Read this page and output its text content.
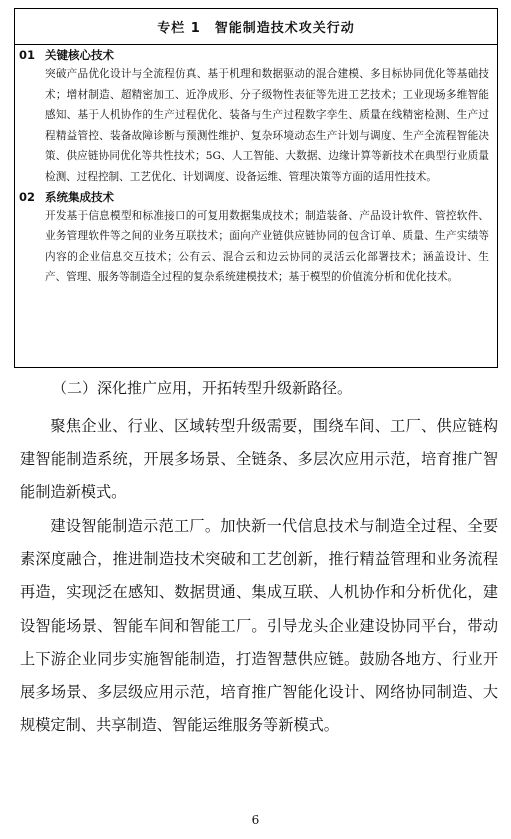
专栏 1 智能制造技术攻关行动
01 关键核心技术
突破产品优化设计与全流程仿真、基于机理和数据驱动的混合建模、多目标协同优化等基础技术；增材制造、超精密加工、近净成形、分子级物性表征等先进工艺技术；工业现场多维智能感知、基于人机协作的生产过程优化、装备与生产过程数字孪生、质量在线精密检测、生产过程精益管控、装备故障诊断与预测性维护、复杂环境动态生产计划与调度、生产全流程智能决策、供应链协同优化等共性技术；5G、人工智能、大数据、边缘计算等新技术在典型行业质量检测、过程控制、工艺优化、计划调度、设备运维、管理决策等方面的适用性技术。
02 系统集成技术
开发基于信息模型和标准接口的可复用数据集成技术；制造装备、产品设计软件、管控软件、业务管理软件等之间的业务互联技术；面向产业链供应链协同的包含订单、质量、生产实绩等内容的企业信息交互技术；公有云、混合云和边云协同的灵活云化部署技术；涵盖设计、生产、管理、服务等制造全过程的复杂系统建模技术；基于模型的价值流分析和优化技术。
（二）深化推广应用，开拓转型升级新路径。
聚焦企业、行业、区域转型升级需要，围绕车间、工厂、供应链构建智能制造系统，开展多场景、全链条、多层次应用示范，培育推广智能制造新模式。
建设智能制造示范工厂。加快新一代信息技术与制造全过程、全要素深度融合，推进制造技术突破和工艺创新，推行精益管理和业务流程再造，实现泛在感知、数据贯通、集成互联、人机协作和分析优化，建设智能场景、智能车间和智能工厂。引导龙头企业建设协同平台，带动上下游企业同步实施智能制造，打造智慧供应链。鼓励各地方、行业开展多场景、多层级应用示范，培育推广智能化设计、网络协同制造、大规模定制、共享制造、智能运维服务等新模式。
6
